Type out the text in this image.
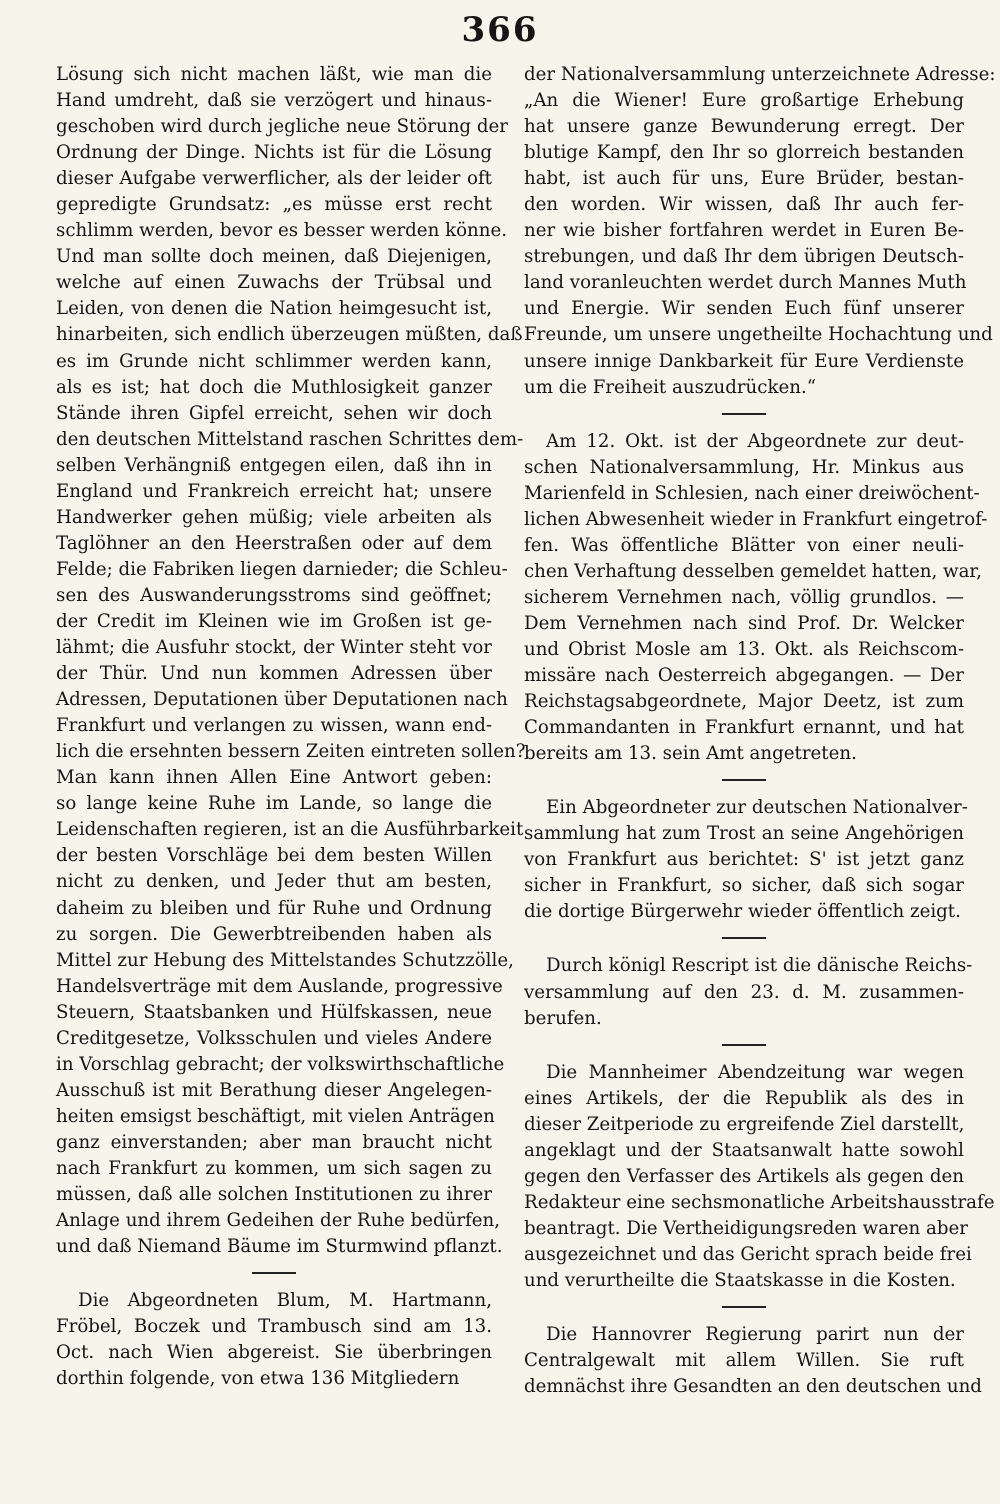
366
Lösung sich nicht machen läßt, wie man die
Hand umdreht, daß sie verzögert und hinaus-
geschoben wird durch jegliche neue Störung der
Ordnung der Dinge. Nichts ist für die Lösung
dieser Aufgabe verwerflicher, als der leider oft
gepredigte Grundsatz: „es müsse erst recht
schlimm werden, bevor es besser werden könne.
Und man sollte doch meinen, daß Diejenigen,
welche auf einen Zuwachs der Trübsal und
Leiden, von denen die Nation heimgesucht ist,
hinarbeiten, sich endlich überzeugen müßten, daß
es im Grunde nicht schlimmer werden kann,
als es ist; hat doch die Muthlosigkeit ganzer
Stände ihren Gipfel erreicht, sehen wir doch
den deutschen Mittelstand raschen Schrittes dem-
selben Verhängniß entgegen eilen, daß ihn in
England und Frankreich erreicht hat; unsere
Handwerker gehen müßig; viele arbeiten als
Taglöhner an den Heerstraßen oder auf dem
Felde; die Fabriken liegen darnieder; die Schleu-
sen des Auswanderungsstroms sind geöffnet;
der Credit im Kleinen wie im Großen ist ge-
lähmt; die Ausfuhr stockt, der Winter steht vor
der Thür. Und nun kommen Adressen über
Adressen, Deputationen über Deputationen nach
Frankfurt und verlangen zu wissen, wann end-
lich die ersehnten bessern Zeiten eintreten sollen?
Man kann ihnen Allen Eine Antwort geben:
so lange keine Ruhe im Lande, so lange die
Leidenschaften regieren, ist an die Ausführbarkeit
der besten Vorschläge bei dem besten Willen
nicht zu denken, und Jeder thut am besten,
daheim zu bleiben und für Ruhe und Ordnung
zu sorgen. Die Gewerbtreibenden haben als
Mittel zur Hebung des Mittelstandes Schutzzölle,
Handelsverträge mit dem Auslande, progressive
Steuern, Staatsbanken und Hülfskassen, neue
Creditgesetze, Volksschulen und vieles Andere
in Vorschlag gebracht; der volkswirthschaftliche
Ausschuß ist mit Berathung dieser Angelegen-
heiten emsigst beschäftigt, mit vielen Anträgen
ganz einverstanden; aber man braucht nicht
nach Frankfurt zu kommen, um sich sagen zu
müssen, daß alle solchen Institutionen zu ihrer
Anlage und ihrem Gedeihen der Ruhe bedürfen,
und daß Niemand Bäume im Sturmwind pflanzt.
Die Abgeordneten Blum, M. Hartmann,
Fröbel, Boczek und Trambusch sind am 13.
Oct. nach Wien abgereist. Sie überbringen
dorthin folgende, von etwa 136 Mitgliedern
der Nationalversammlung unterzeichnete Adresse:
„An die Wiener! Eure großartige Erhebung
hat unsere ganze Bewunderung erregt. Der
blutige Kampf, den Ihr so glorreich bestanden
habt, ist auch für uns, Eure Brüder, bestan-
den worden. Wir wissen, daß Ihr auch fer-
ner wie bisher fortfahren werdet in Euren Be-
strebungen, und daß Ihr dem übrigen Deutsch-
land voranleuchten werdet durch Mannes Muth
und Energie. Wir senden Euch fünf unserer
Freunde, um unsere ungetheilte Hochachtung und
unsere innige Dankbarkeit für Eure Verdienste
um die Freiheit auszudrücken.“
Am 12. Okt. ist der Abgeordnete zur deut-
schen Nationalversammlung, Hr. Minkus aus
Marienfeld in Schlesien, nach einer dreiwöchent-
lichen Abwesenheit wieder in Frankfurt eingetrof-
fen. Was öffentliche Blätter von einer neuli-
chen Verhaftung desselben gemeldet hatten, war,
sicherem Vernehmen nach, völlig grundlos. —
Dem Vernehmen nach sind Prof. Dr. Welcker
und Obrist Mosle am 13. Okt. als Reichscom-
missäre nach Oesterreich abgegangen. — Der
Reichstagsabgeordnete, Major Deetz, ist zum
Commandanten in Frankfurt ernannt, und hat
bereits am 13. sein Amt angetreten.
Ein Abgeordneter zur deutschen Nationalver-
sammlung hat zum Trost an seine Angehörigen
von Frankfurt aus berichtet: S' ist jetzt ganz
sicher in Frankfurt, so sicher, daß sich sogar
die dortige Bürgerwehr wieder öffentlich zeigt.
Durch königl Rescript ist die dänische Reichs-
versammlung auf den 23. d. M. zusammen-
berufen.
Die Mannheimer Abendzeitung war wegen
eines Artikels, der die Republik als des in
dieser Zeitperiode zu ergreifende Ziel darstellt,
angeklagt und der Staatsanwalt hatte sowohl
gegen den Verfasser des Artikels als gegen den
Redakteur eine sechsmonatliche Arbeitshausstrafe
beantragt. Die Vertheidigungsreden waren aber
ausgezeichnet und das Gericht sprach beide frei
und verurtheilte die Staatskasse in die Kosten.
Die Hannovrer Regierung parirt nun der
Centralgewalt mit allem Willen. Sie ruft
demnächst ihre Gesandten an den deutschen und
